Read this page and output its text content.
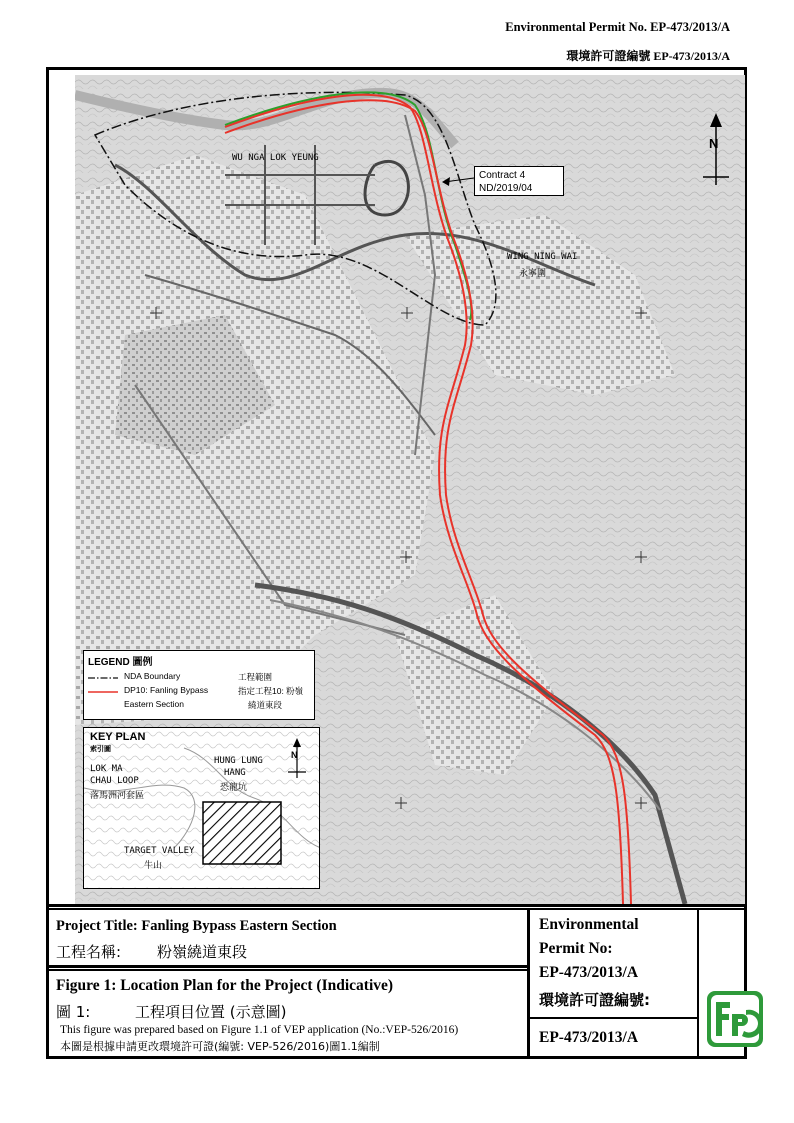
Environmental Permit No. EP-473/2013/A
環境許可證編號 EP-473/2013/A
N
WU NGA LOK YEUNG
WING NING WAI
永寧圍
Contract 4
ND/2019/04
LEGEND 圖例
NDA Boundary	工程範圍
DP10: Fanling Bypass	指定工程10: 粉嶺
Eastern Section	繞道東段
N
KEY PLAN
索引圖
LOK MA
CHAU LOOP
落馬洲河套區
HUNG LUNG
HANG
恐龍坑
TARGET VALLEY
牛山
Project Title: Fanling Bypass Eastern Section
工程名稱: 粉嶺繞道東段
Figure 1: Location Plan for the Project (Indicative)
圖 1:	工程項目位置 (示意圖)
This figure was prepared based on Figure 1.1 of VEP application (No.:VEP-526/2016)
本圖是根據申請更改環境許可證(編號: VEP-526/2016)圖1.1編制
Environmental
Permit No:
EP-473/2013/A
環境許可證編號:
EP-473/2013/A
